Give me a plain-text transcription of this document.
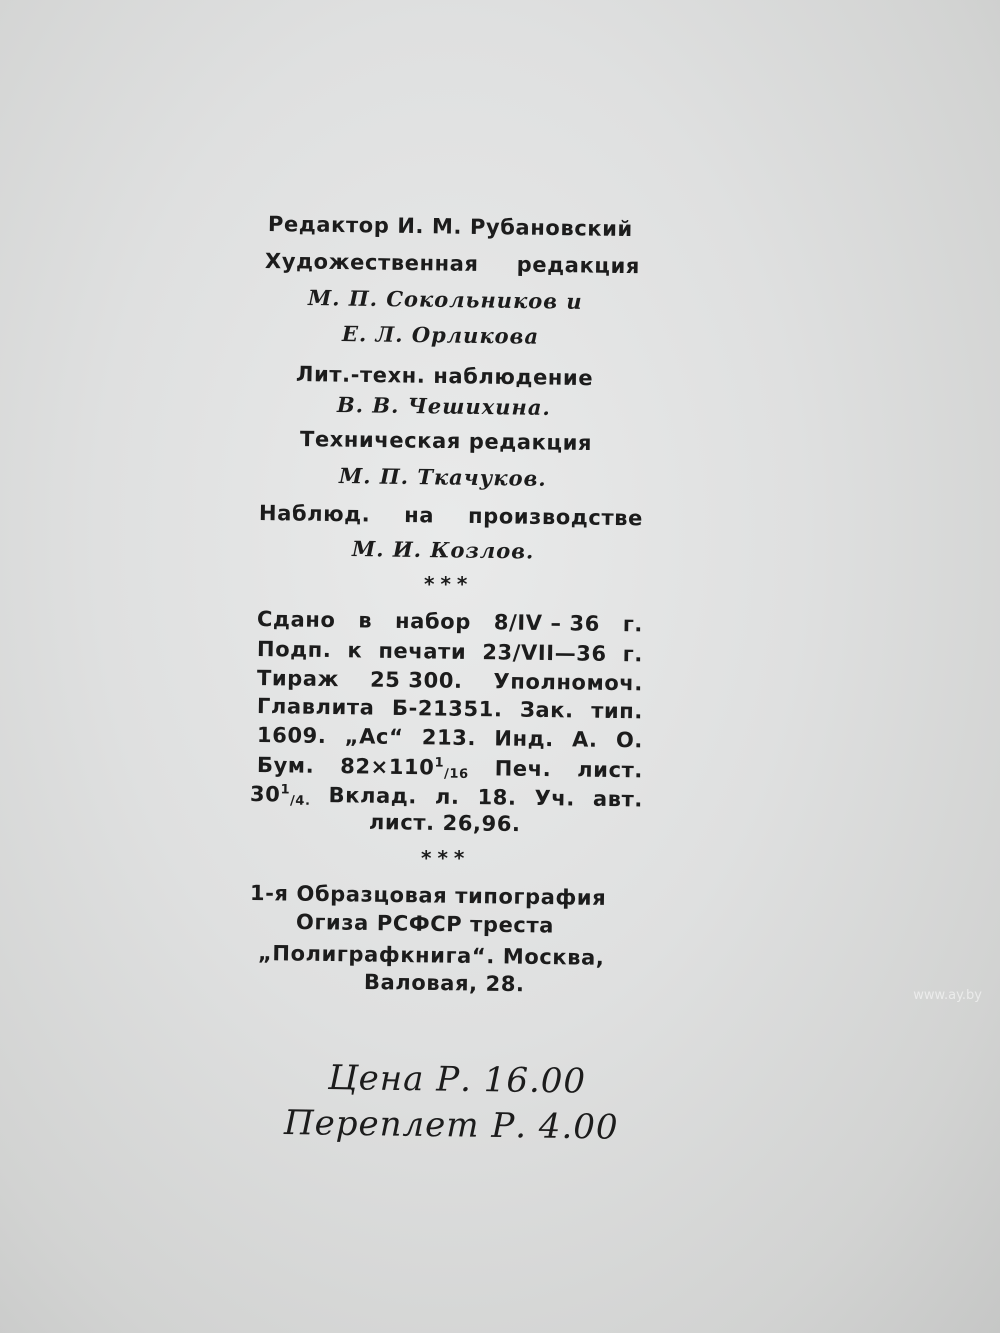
Редактор И. М. Рубановский
Художественная редакция
М. П. Сокольников и
Е. Л. Орликова
Лит.-техн. наблюдение
В. В. Чешихина.
Техническая редакция
М. П. Ткачуков.
Наблюд. на производстве
М. И. Козлов.
***
Сдано в набор 8/IV – 36 г.
Подп. к печати 23/VII—36 г.
Тираж 25 300. Уполномоч.
Главлита Б-21351. Зак. тип.
1609. „Ас“ 213. Инд. А. О.
Бум. 82×1101/16 Печ. лист.
301/4. Вклад. л. 18. Уч. авт.
лист. 26,96.
***
1-я Образцовая типография
Огиза РСФСР треста
„Полиграфкнига“. Москва,
Валовая, 28.
Цена Р. 16.00
Переплет Р. 4.00
www.ay.by
